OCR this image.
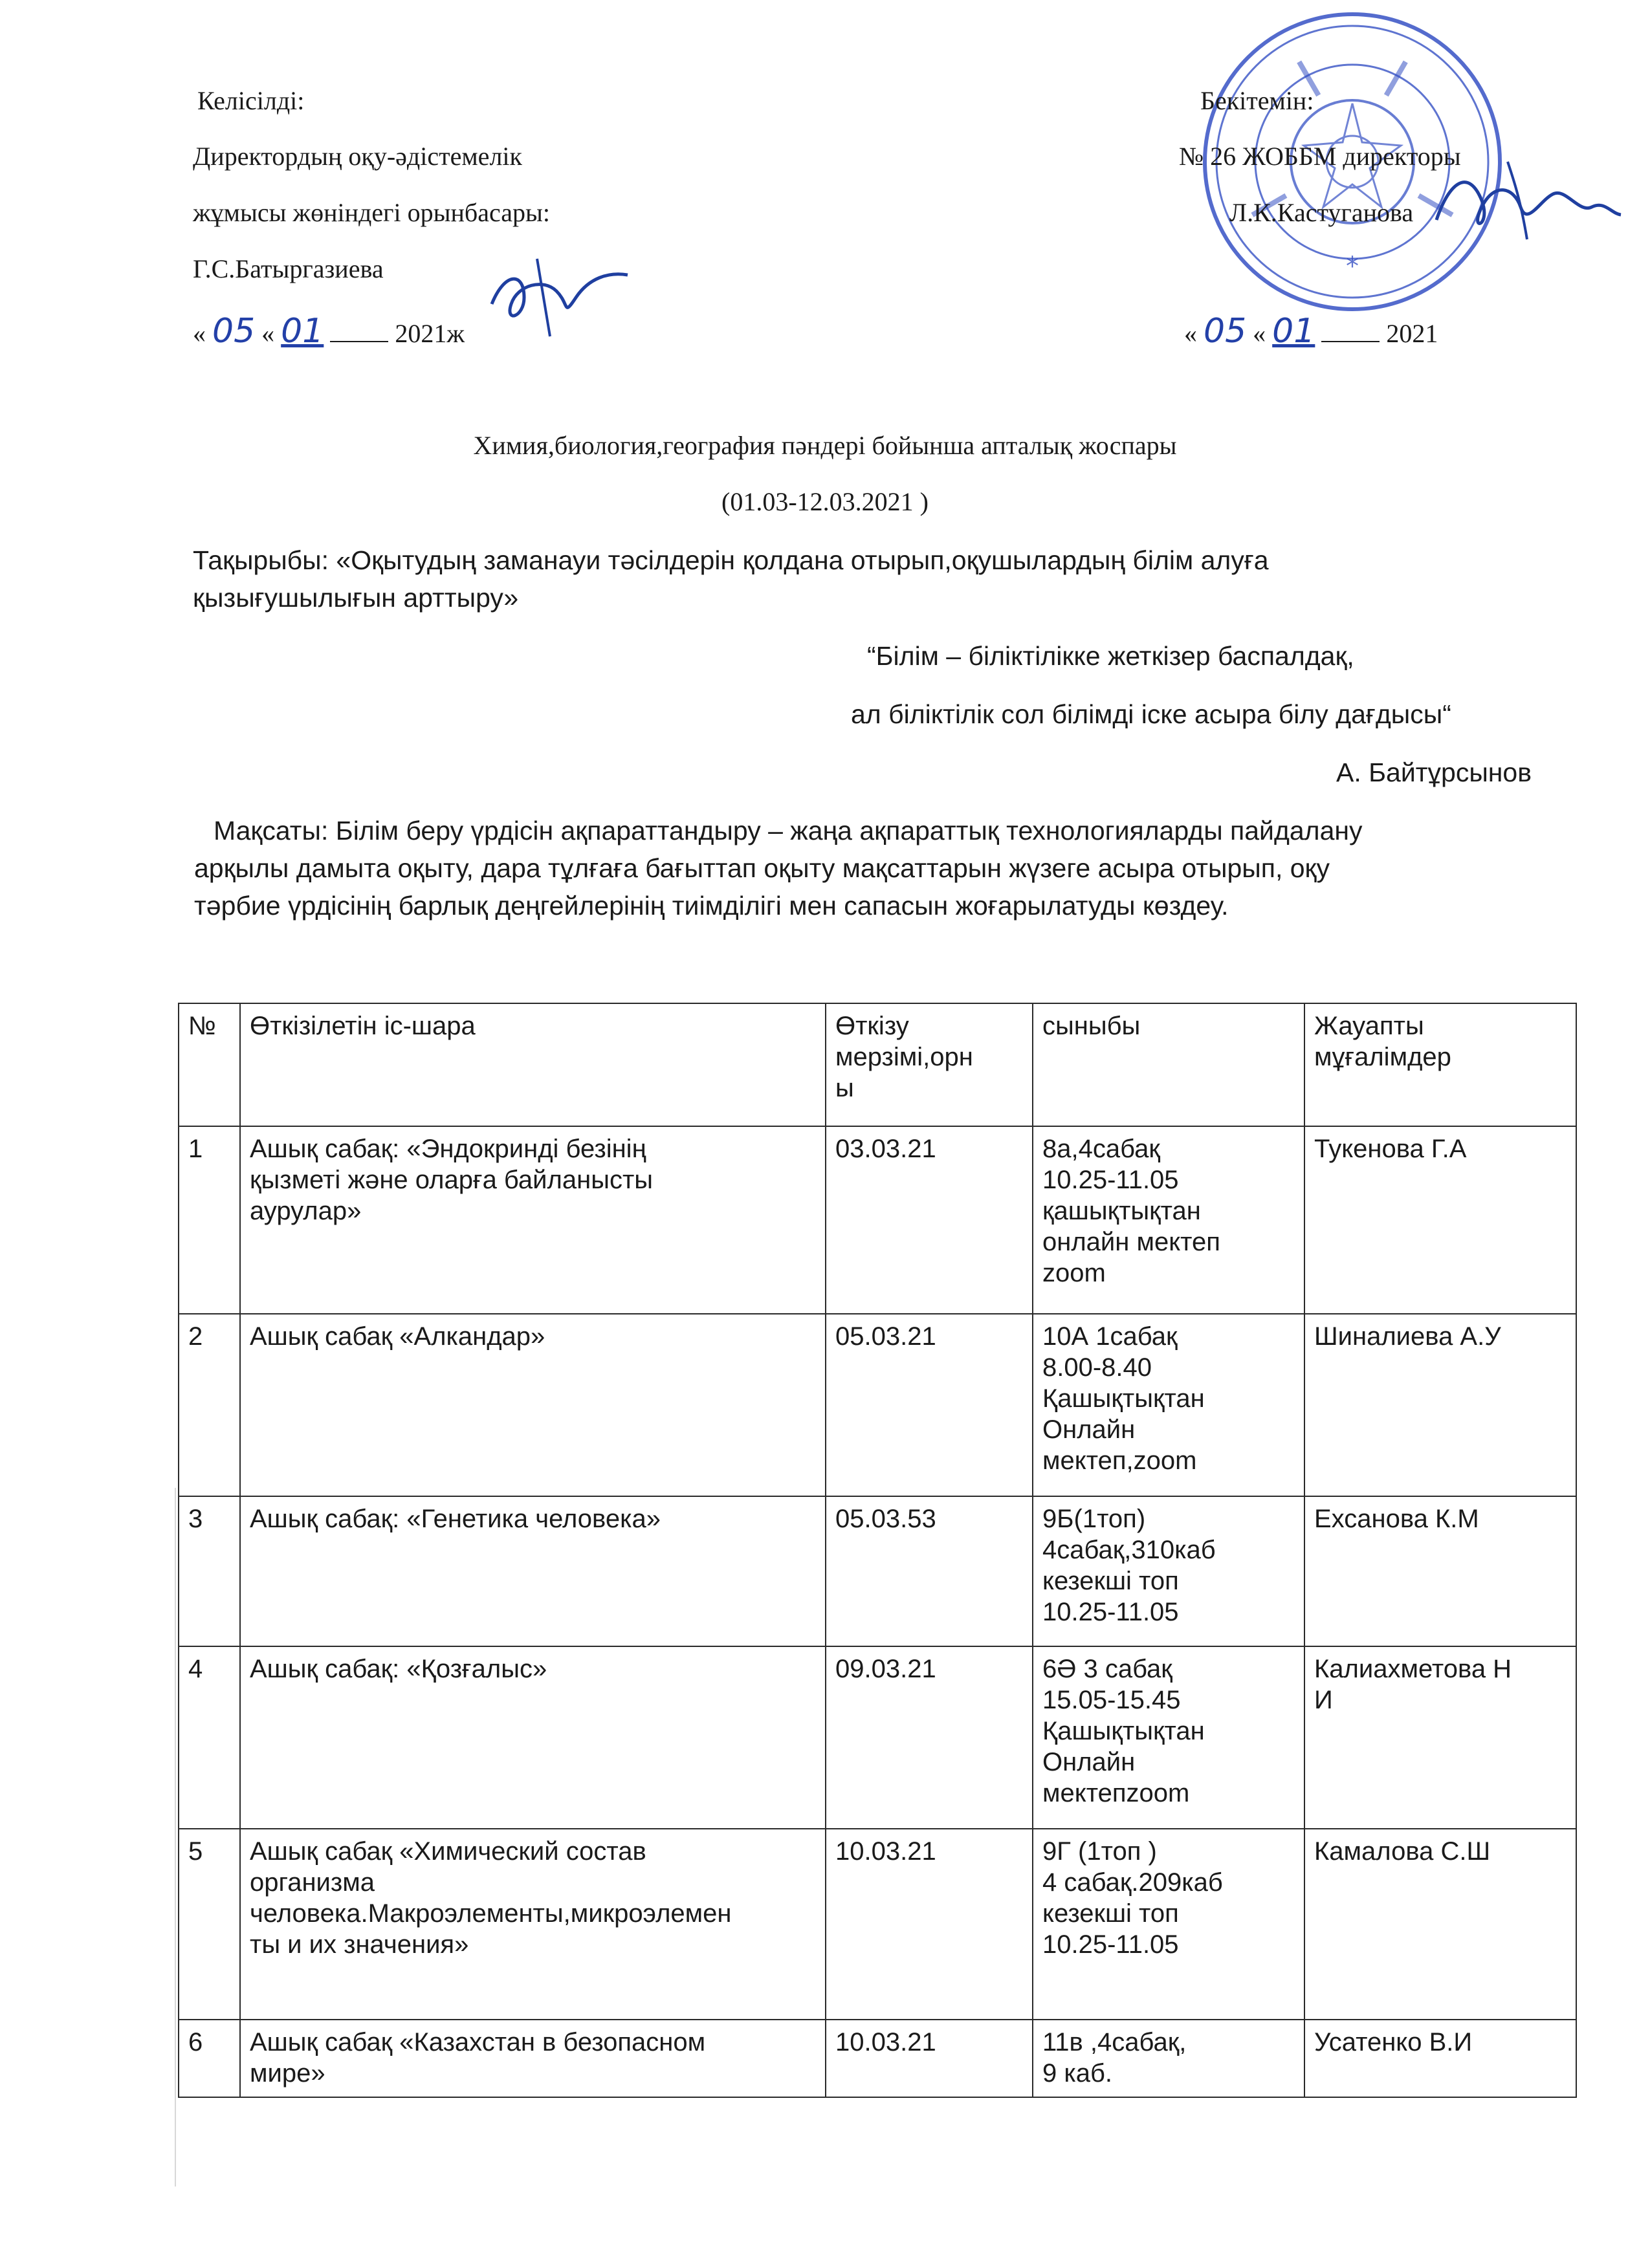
*
Келісілді:
Директордың оқу-әдістемелік
жұмысы жөніндегі орынбасары:
Г.С.Батыргазиева
« 05 « 01	2021ж
Бекітемін:
№ 26 ЖОББМ директоры
Л.К.Кастуганова
« 05 « 01	2021
Химия,биология,география пәндері бойынша апталық жоспары
(01.03-12.03.2021 )
Тақырыбы: «Оқытудың заманауи тәсілдерін қолдана отырып,оқушылардың білім алуға
қызығушылығын арттыру»
“Білім – біліктілікке жеткізер баспалдақ,
ал біліктілік сол білімді іске асыра білу дағдысы“
А. Байтұрсынов
Мақсаты: Білім беру үрдісін ақпараттандыру – жаңа ақпараттық технологияларды пайдалану
арқылы дамыта оқыту, дара тұлғаға бағыттап оқыту мақсаттарын жүзеге асыра отырып, оқу
тәрбие үрдісінің барлық деңгейлерінің тиімділігі мен сапасын жоғарылатуды көздеу.
№	Өткізілетін іс-шара	Өткізу
мерзімі,орн
ы	сыныбы	Жауапты
мұғалімдер
1	Ашық сабақ: «Эндокринді безінің
қызметі және оларға байланысты
аурулар»	03.03.21	8а,4сабақ
10.25-11.05
қашықтықтан
онлайн мектеп
zoom	Тукенова Г.А
2	Ашық сабақ «Алкандар»	05.03.21	10А 1сабақ
8.00-8.40
Қашықтықтан
Онлайн
мектеп,zoom	Шиналиева А.У
3	Ашық сабақ: «Генетика человека»	05.03.53	9Б(1топ)
4сабақ,310каб
кезекші топ
10.25-11.05	Ехсанова К.М
4	Ашық сабақ: «Қозғалыс»	09.03.21	6Ә 3 сабақ
15.05-15.45
Қашықтықтан
Онлайн
мектепzoom	Калиахметова Н
И
5	Ашық сабақ «Химический состав
организма
человека.Макроэлементы,микроэлемен
ты и их значения»	10.03.21	9Г (1топ )
4 сабақ.209каб
кезекші топ
10.25-11.05	Камалова С.Ш
6	Ашық сабақ «Казахстан в безопасном
мире»	10.03.21	11в ,4сабақ,
9 каб.	Усатенко В.И
